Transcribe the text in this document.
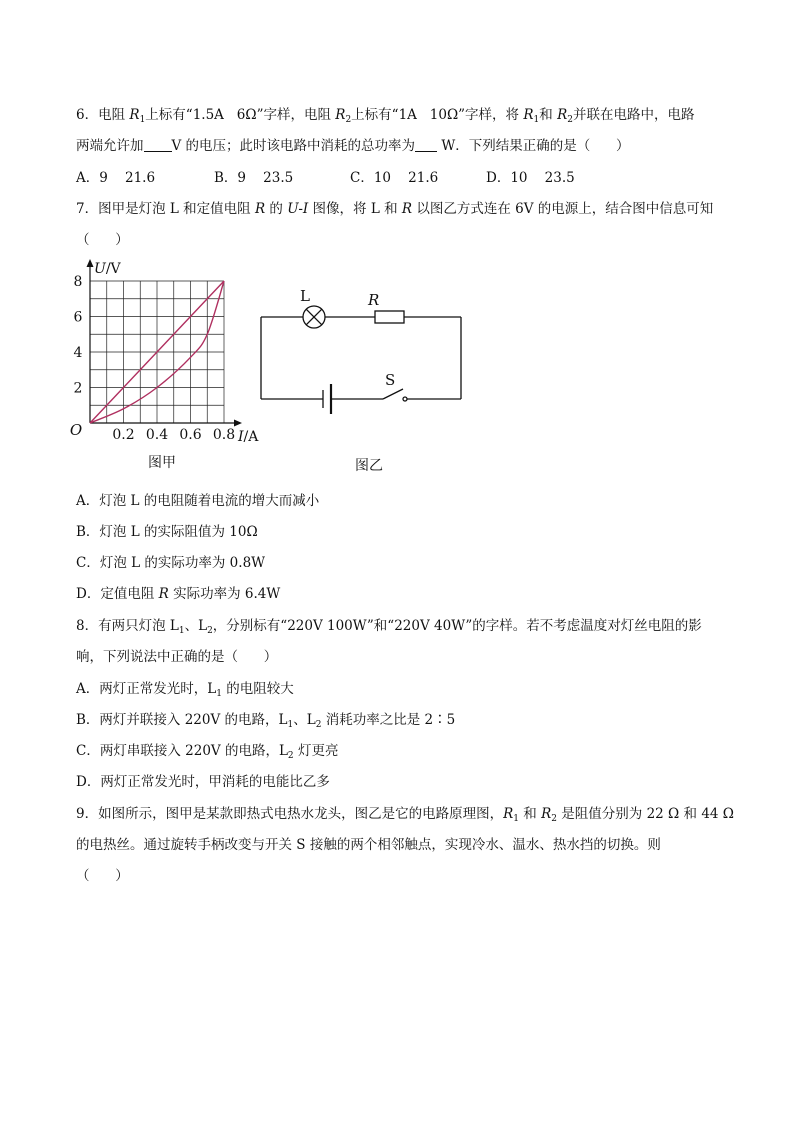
6．电阻 $R_1$上标有“1.5A   6Ω”字样，电阻 $R_2$上标有“1A   10Ω”字样，将 $R_1$和 $R_2$并联在电路中，电路
两端允许加 V 的电压；此时该电路中消耗的总功率为 W．下列结果正确的是（      ）
A．9    21.6	B．9    23.5	C．10    21.6	D．10    23.5
7．图甲是灯泡 L 和定值电阻 R 的 U-I 图像，将 L 和 R 以图乙方式连在 6V 的电源上，结合图中信息可知
（      ）
2
4
6
8
0.2 0.4 0.6 0.8
O
U/V
I/A
图甲
L	R
S
图乙
A．灯泡 L 的电阻随着电流的增大而减小
B．灯泡 L 的实际阻值为 10Ω
C．灯泡 L 的实际功率为 0.8W
D．定值电阻 R 实际功率为 6.4W
8．有两只灯泡 $L_1$、$L_2$，分别标有“220V 100W”和“220V 40W”的字样。若不考虑温度对灯丝电阻的影
响，下列说法中正确的是（      ）
A．两灯正常发光时，$L_1$ 的电阻较大
B．两灯并联接入 220V 的电路，$L_1$、$L_2$ 消耗功率之比是 2∶5
C．两灯串联接入 220V 的电路，$L_2$ 灯更亮
D．两灯正常发光时，甲消耗的电能比乙多
9．如图所示，图甲是某款即热式电热水龙头，图乙是它的电路原理图，$R_1$ 和 $R_2$ 是阻值分别为 22 Ω 和 44 Ω
的电热丝。通过旋转手柄改变与开关 S 接触的两个相邻触点，实现冷水、温水、热水挡的切换。则
（      ）
